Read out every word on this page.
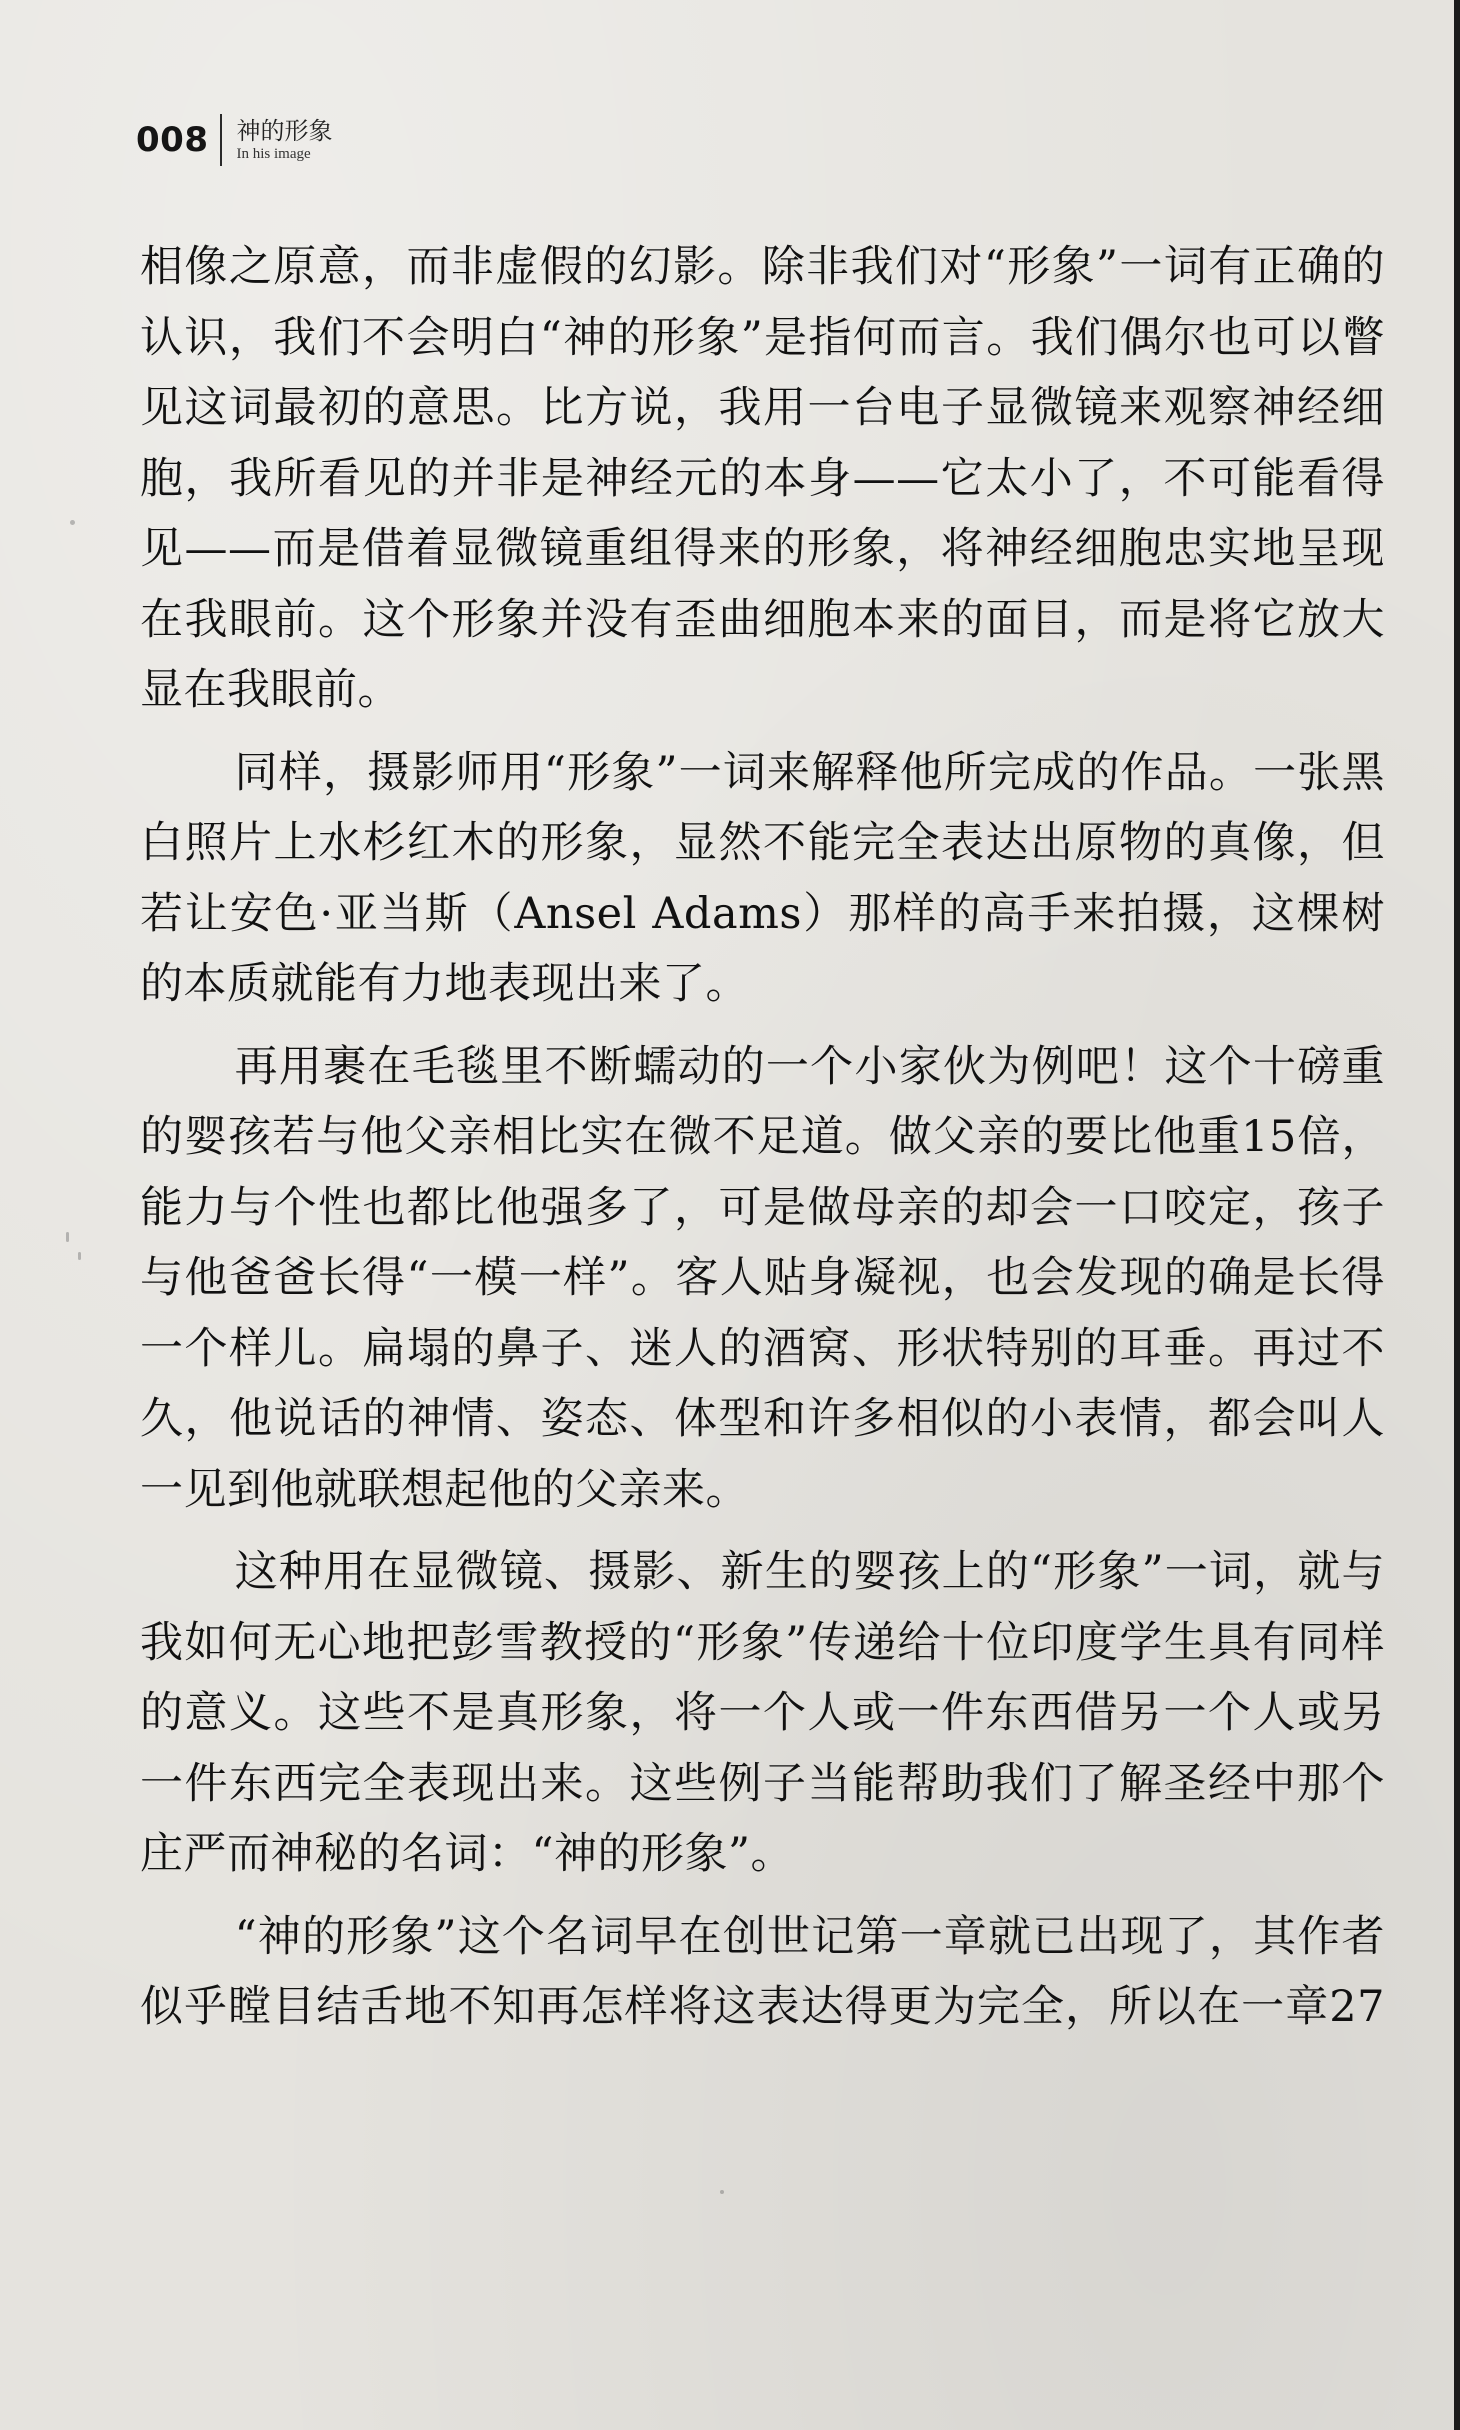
008 神的形象
In his image

相像之原意，而非虚假的幻影。除非我们对“形象”一词有正确的认识，我们不会明白“神的形象”是指何而言。我们偶尔也可以瞥见这词最初的意思。比方说，我用一台电子显微镜来观察神经细胞，我所看见的并非是神经元的本身——它太小了，不可能看得见——而是借着显微镜重组得来的形象，将神经细胞忠实地呈现在我眼前。这个形象并没有歪曲细胞本来的面目，而是将它放大显在我眼前。

同样，摄影师用“形象”一词来解释他所完成的作品。一张黑白照片上水杉红木的形象，显然不能完全表达出原物的真像，但若让安色·亚当斯（Ansel Adams）那样的高手来拍摄，这棵树的本质就能有力地表现出来了。

再用裹在毛毯里不断蠕动的一个小家伙为例吧！这个十磅重的婴孩若与他父亲相比实在微不足道。做父亲的要比他重15倍，能力与个性也都比他强多了，可是做母亲的却会一口咬定，孩子与他爸爸长得“一模一样”。客人贴身凝视，也会发现的确是长得一个样儿。扁塌的鼻子、迷人的酒窝、形状特别的耳垂。再过不久，他说话的神情、姿态、体型和许多相似的小表情，都会叫人一见到他就联想起他的父亲来。

这种用在显微镜、摄影、新生的婴孩上的“形象”一词，就与我如何无心地把彭雪教授的“形象”传递给十位印度学生具有同样的意义。这些不是真形象，将一个人或一件东西借另一个人或另一件东西完全表现出来。这些例子当能帮助我们了解圣经中那个庄严而神秘的名词：“神的形象”。

“神的形象”这个名词早在创世记第一章就已出现了，其作者似乎瞠目结舌地不知再怎样将这表达得更为完全，所以在一章27
